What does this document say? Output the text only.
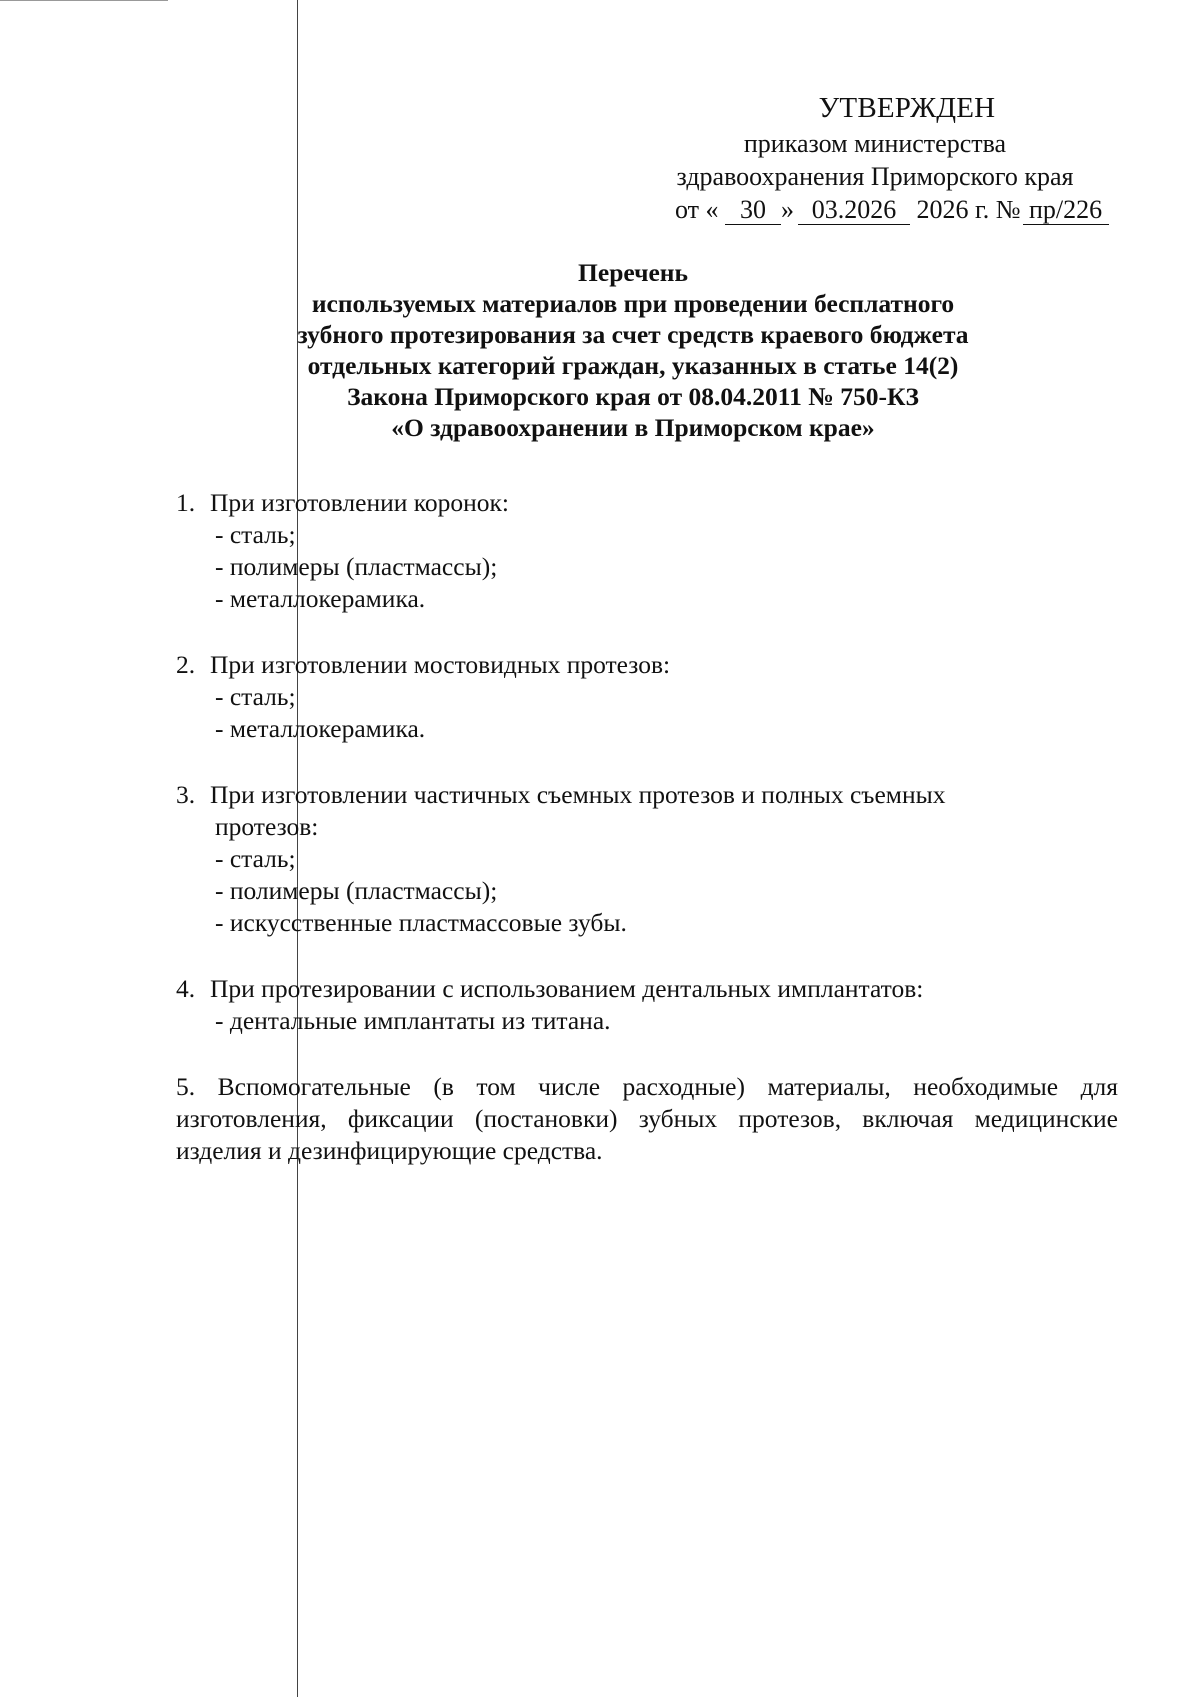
УТВЕРЖДЕН
приказом министерства
здравоохранения Приморского края
от « 30 » 03.2026 2026 г. № пр/226
Перечень
используемых материалов при проведении бесплатного
зубного протезирования за счет средств краевого бюджета
отдельных категорий граждан, указанных в статье 14(2)
Закона Приморского края от 08.04.2011 № 750-КЗ
«О здравоохранении в Приморском крае»
1. При изготовлении коронок:
- сталь;
- полимеры (пластмассы);
- металлокерамика.
2. При изготовлении мостовидных протезов:
- сталь;
- металлокерамика.
3. При изготовлении частичных съемных протезов и полных съемных
протезов:
- сталь;
- полимеры (пластмассы);
- искусственные пластмассовые зубы.
4. При протезировании с использованием дентальных имплантатов:
- дентальные имплантаты из титана.

5. Вспомогательные (в том числе расходные) материалы, необходимые для изготовления, фиксации (постановки) зубных протезов, включая медицинские изделия и дезинфицирующие средства.
